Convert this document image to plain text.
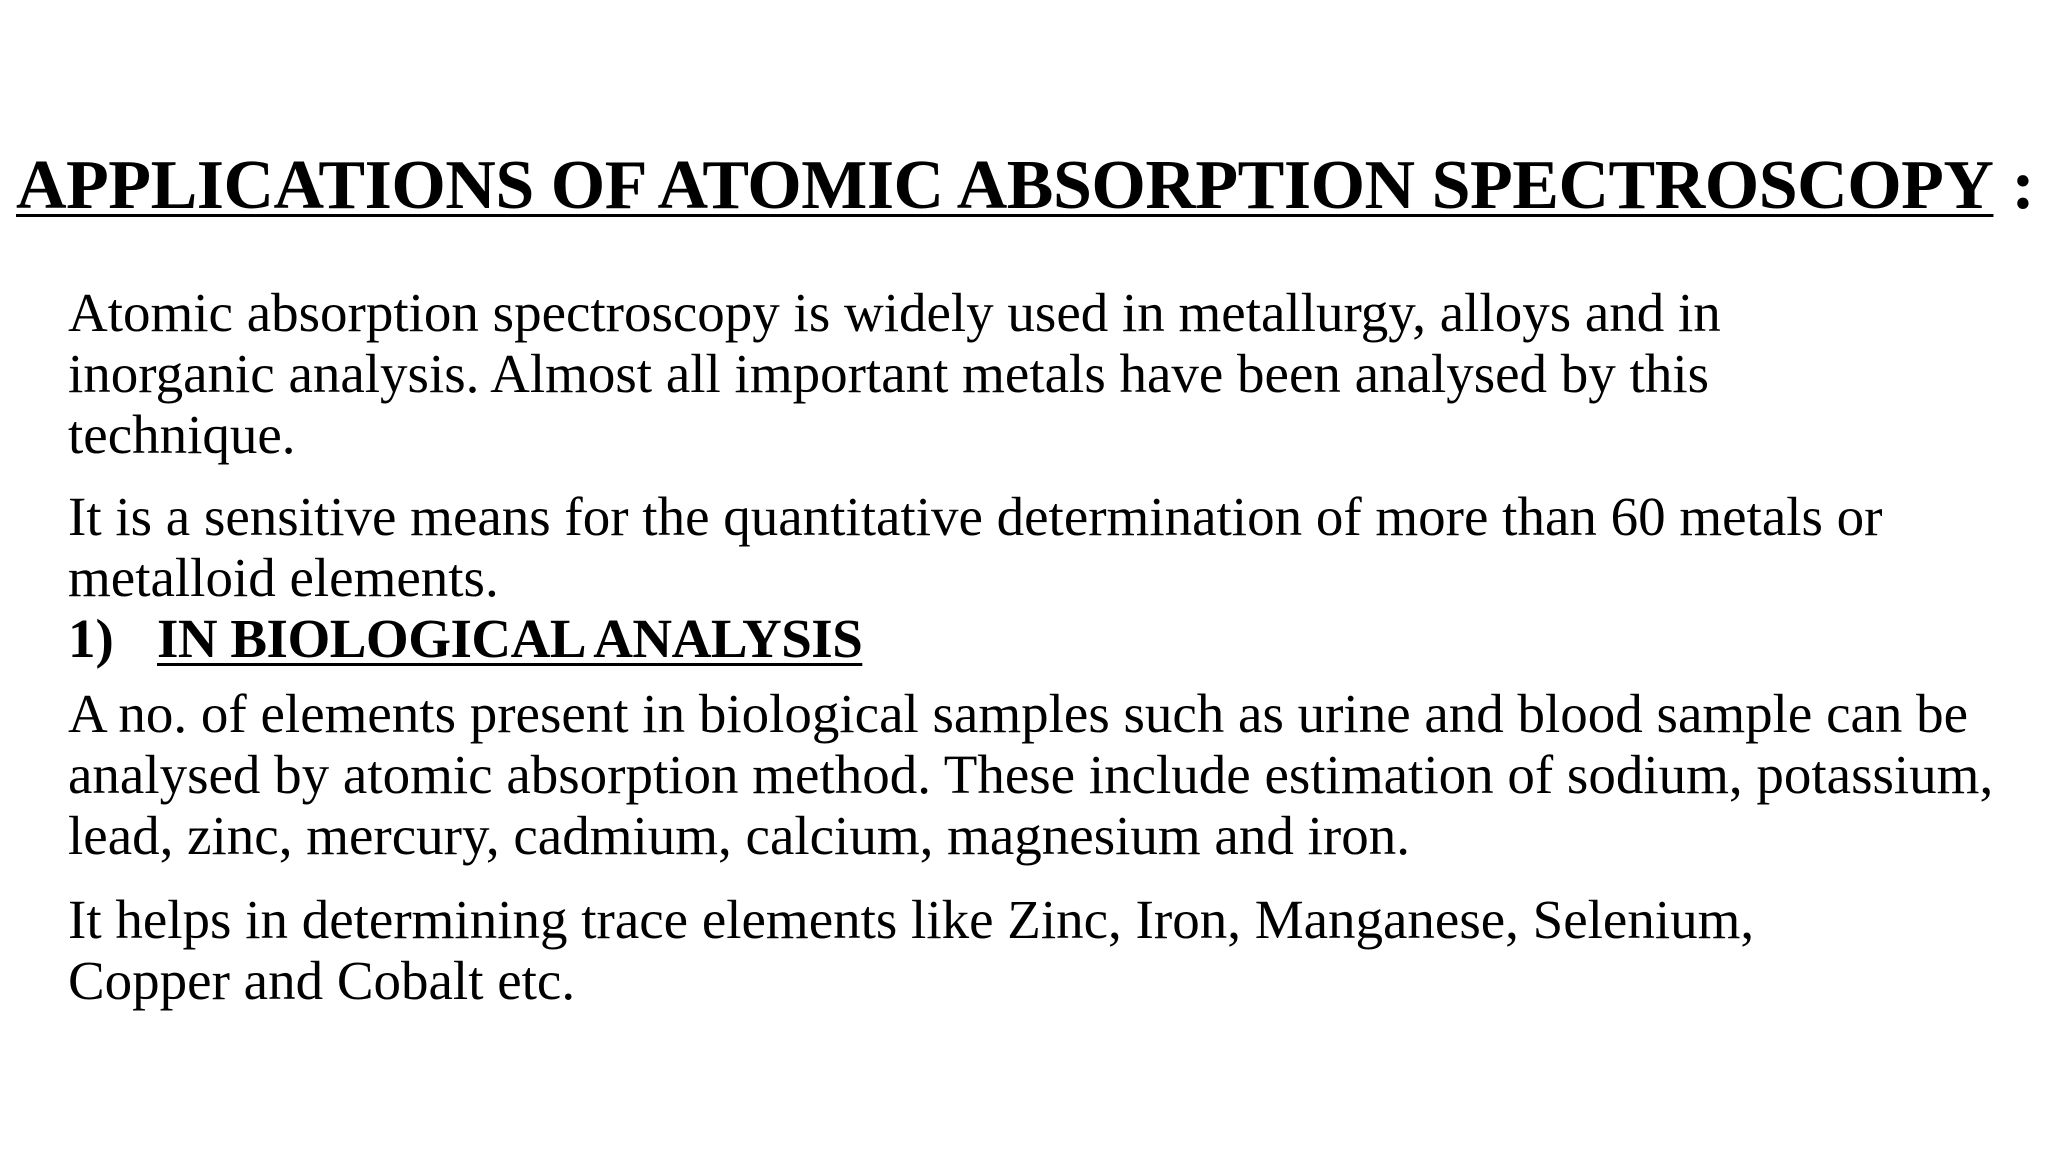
APPLICATIONS OF ATOMIC ABSORPTION SPECTROSCOPY :

Atomic absorption spectroscopy is widely used in metallurgy, alloys and in inorganic analysis. Almost all important metals have been analysed by this technique.

It is a sensitive means for the quantitative determination of more than 60 metals or metalloid elements.

1) IN BIOLOGICAL ANALYSIS

A no. of elements present in biological samples such as urine and blood sample can be analysed by atomic absorption method. These include estimation of sodium, potassium, lead, zinc, mercury, cadmium, calcium, magnesium and iron.

It helps in determining trace elements like Zinc, Iron, Manganese, Selenium, Copper and Cobalt etc.
